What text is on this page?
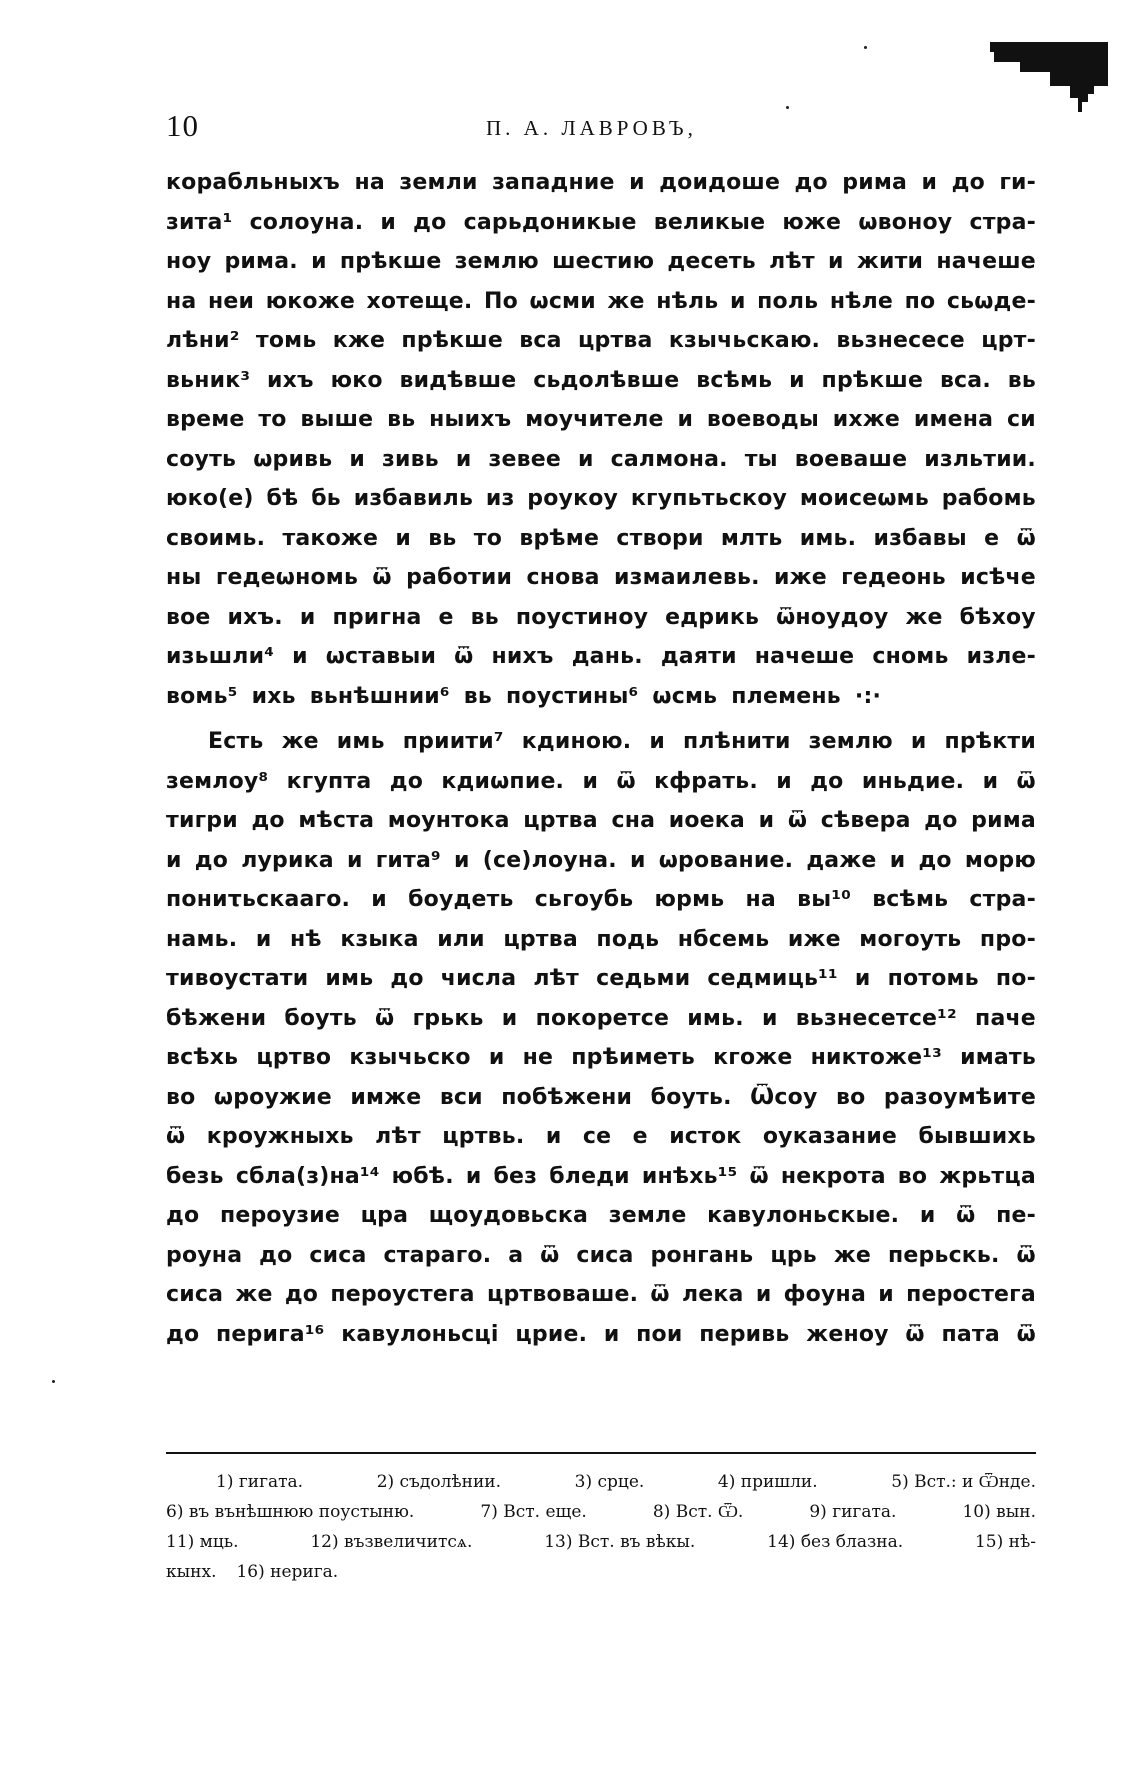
10	П. А. ЛАВРОВЪ,
корабльныхъ на земли западние и доидоше до рима и до ги-
зита¹ солоуна. и до сарьдоникые великые юже ωвоноу стра-
ноу рима. и прѣкше землю шестию десеть лѣт и жити начеше
на неи юкоже хотеще. По ωсми же нѣль и поль нѣле по сьωде-
лѣни² томь кже прѣкше вса цртва кзычьскаю. вьзнесесе црт-
вьник³ ихъ юко видѣвше сьдолѣвше всѣмь и прѣкше вса. вь
време то выше вь ныихъ моучителе и воеводы ихже имена си
соуть ωривь и зивь и зевее и салмона. ты воеваше изльтии.
юко(е) бѣ бь избавиль из роукоу кгупьтьскоу моисеωмь рабомь
своимь. такоже и вь то врѣме створи млть имь. избавы е ѿ
ны гедеωномь ѿ работии снова измаилевь. иже гедеонь исѣче
вое ихъ. и пригна е вь поустиноу едрикь ѿноудоу же бѣхоу
изьшли⁴ и ωставыи ѿ нихъ дань. даяти начеше сномь изле-
вомь⁵ ихь вьнѣшнии⁶ вь поустины⁶ ωсмь племень ·:·
Есть же имь приити⁷ кдиною. и плѣнити землю и прѣкти
землоу⁸ кгупта до кдиωпие. и ѿ кфрать. и до иньдие. и ѿ
тигри до мѣста моунтока цртва сна иоека и ѿ сѣвера до рима
и до лурика и гита⁹ и (се)лоуна. и ωрование. даже и до морю
пониτьскааго. и боудеть сьгоубь юрмь на вы¹⁰ всѣмь стра-
намь. и нѣ кзыка или цртва подь нбсемь иже могоуть про-
тивоустати имь до числа лѣт седьми седмиць¹¹ и потомь по-
бѣжени боуть ѿ грькь и покоретсе имь. и вьзнесетсе¹² паче
всѣхь цртво кзычьско и не прѣиметь кгоже никтоже¹³ имать
во ωроужие имже вси побѣжени боуть. Ѿсоу во разоумѣите
ѿ кроужныхь лѣт цртвь. и се е исток оуказание бывшихь
безь сбла(з)на¹⁴ юбѣ. и без бледи инѣхь¹⁵ ѿ некрота во жрьтца
до пероузие цра щоудовьска земле кавулоньскые. и ѿ пе-
роуна до сиса стараго. а ѿ сиса ронгань црь же перьскь. ѿ
сиса же до пероустега цртвоваше. ѿ лека и фоуна и перостега
до перига¹⁶ кавулоньсці црие. и пои перивь женоу ѿ пата ѿ
1) гигата.	2) съдолѣнии.	3) срце.	4) пришли.	5) Вст.: и Ѿнде.
6) въ вънѣшнюю поустыню.	7) Вст. еще.	8) Вст. Ѿ.	9) гигата.	10) вын.
11) мць.	12) възвеличитсѧ.	13) Вст. въ вѣкы.	14) без блазна.	15) нѣ-
кынх. 16) нерига.
